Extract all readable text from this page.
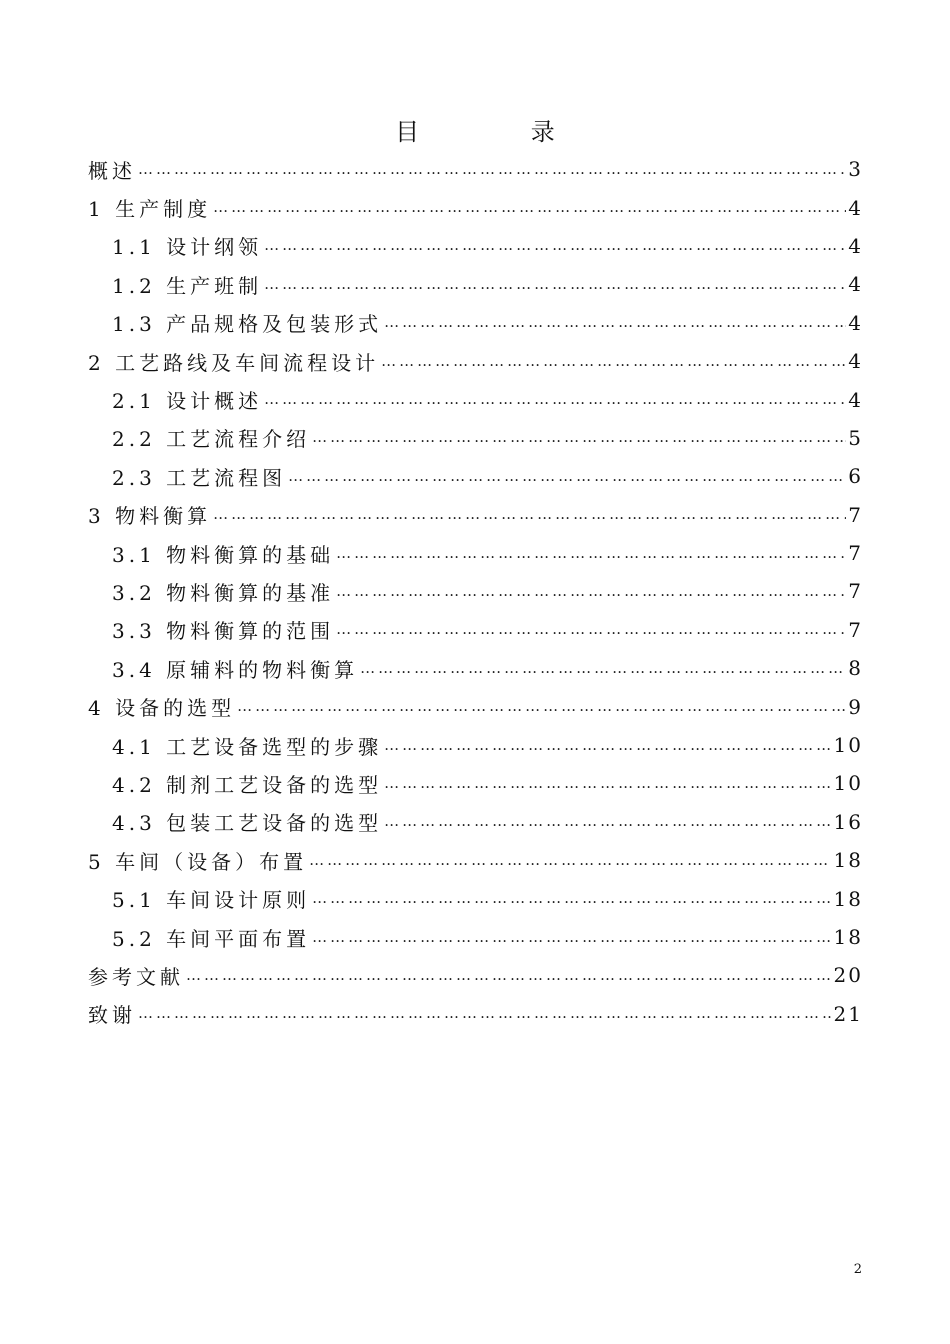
目 录
概述 …………………………………………………………………………………………………………………………………………	3
1 生产制度 …………………………………………………………………………………………………………………………………………	4
1.1 设计纲领 …………………………………………………………………………………………………………………………………………	4
1.2 生产班制 …………………………………………………………………………………………………………………………………………	4
1.3 产品规格及包装形式 …………………………………………………………………………………………………………………………………………	4
2 工艺路线及车间流程设计 …………………………………………………………………………………………………………………………………………	4
2.1 设计概述 …………………………………………………………………………………………………………………………………………	4
2.2 工艺流程介绍 …………………………………………………………………………………………………………………………………………	5
2.3 工艺流程图 …………………………………………………………………………………………………………………………………………	6
3 物料衡算 …………………………………………………………………………………………………………………………………………	7
3.1 物料衡算的基础 …………………………………………………………………………………………………………………………………………	7
3.2 物料衡算的基准 …………………………………………………………………………………………………………………………………………	7
3.3 物料衡算的范围 …………………………………………………………………………………………………………………………………………	7
3.4 原辅料的物料衡算 …………………………………………………………………………………………………………………………………………	8
4 设备的选型 …………………………………………………………………………………………………………………………………………	9
4.1 工艺设备选型的步骤 …………………………………………………………………………………………………………………………………………	10
4.2 制剂工艺设备的选型 …………………………………………………………………………………………………………………………………………	10
4.3 包装工艺设备的选型 …………………………………………………………………………………………………………………………………………	16
5 车间（设备）布置 …………………………………………………………………………………………………………………………………………	18
5.1 车间设计原则 …………………………………………………………………………………………………………………………………………	18
5.2 车间平面布置 …………………………………………………………………………………………………………………………………………	18
参考文献 …………………………………………………………………………………………………………………………………………	20
致谢 …………………………………………………………………………………………………………………………………………	21
2
